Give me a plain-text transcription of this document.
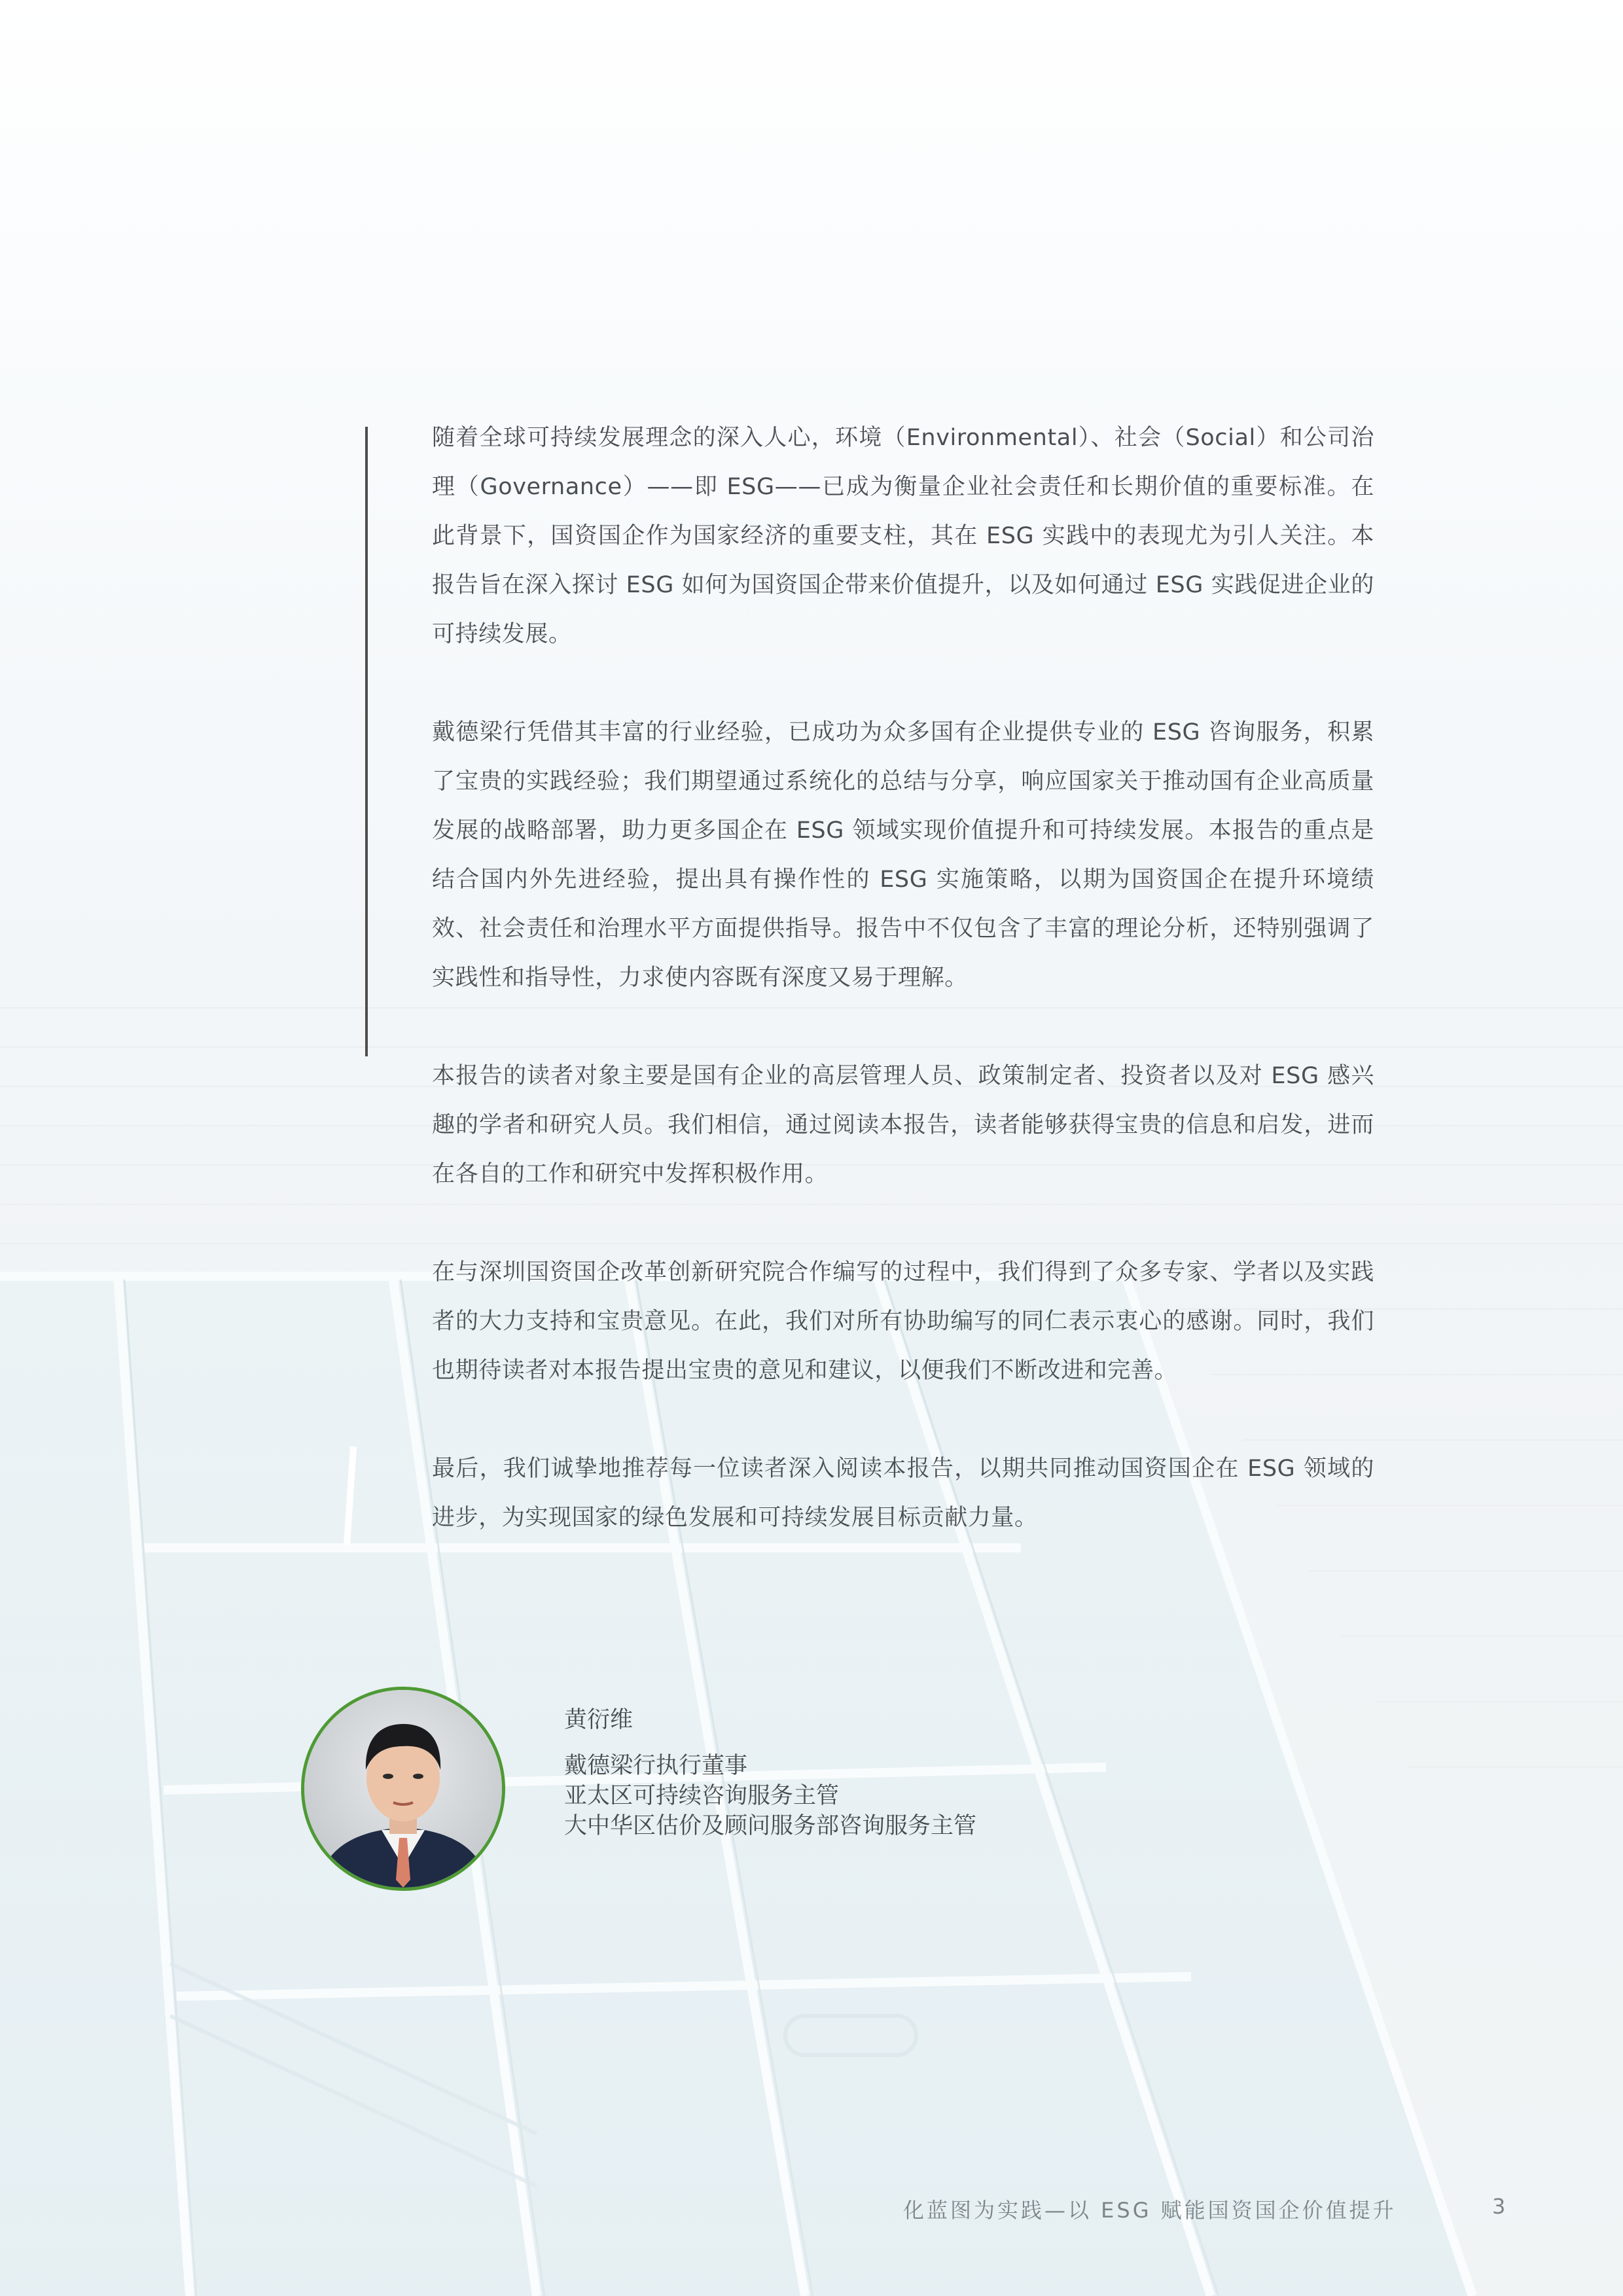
随着全球可持续发展理念的深入人心，环境（Environmental）、社会（Social）和公司治理（Governance）——即 ESG——已成为衡量企业社会责任和长期价值的重要标准。在此背景下，国资国企作为国家经济的重要支柱，其在 ESG 实践中的表现尤为引人关注。本报告旨在深入探讨 ESG 如何为国资国企带来价值提升，以及如何通过 ESG 实践促进企业的可持续发展。

戴德梁行凭借其丰富的行业经验，已成功为众多国有企业提供专业的 ESG 咨询服务，积累了宝贵的实践经验；我们期望通过系统化的总结与分享，响应国家关于推动国有企业高质量发展的战略部署，助力更多国企在 ESG 领域实现价值提升和可持续发展。本报告的重点是结合国内外先进经验，提出具有操作性的 ESG 实施策略，以期为国资国企在提升环境绩效、社会责任和治理水平方面提供指导。报告中不仅包含了丰富的理论分析，还特别强调了实践性和指导性，力求使内容既有深度又易于理解。

本报告的读者对象主要是国有企业的高层管理人员、政策制定者、投资者以及对 ESG 感兴趣的学者和研究人员。我们相信，通过阅读本报告，读者能够获得宝贵的信息和启发，进而在各自的工作和研究中发挥积极作用。

在与深圳国资国企改革创新研究院合作编写的过程中，我们得到了众多专家、学者以及实践者的大力支持和宝贵意见。在此，我们对所有协助编写的同仁表示衷心的感谢。同时，我们也期待读者对本报告提出宝贵的意见和建议，以便我们不断改进和完善。

最后，我们诚挚地推荐每一位读者深入阅读本报告，以期共同推动国资国企在 ESG 领域的进步，为实现国家的绿色发展和可持续发展目标贡献力量。

黄衍维
戴德梁行执行董事
亚太区可持续咨询服务主管
大中华区估价及顾问服务部咨询服务主管
化蓝图为实践—以 ESG 赋能国资国企价值提升	3
